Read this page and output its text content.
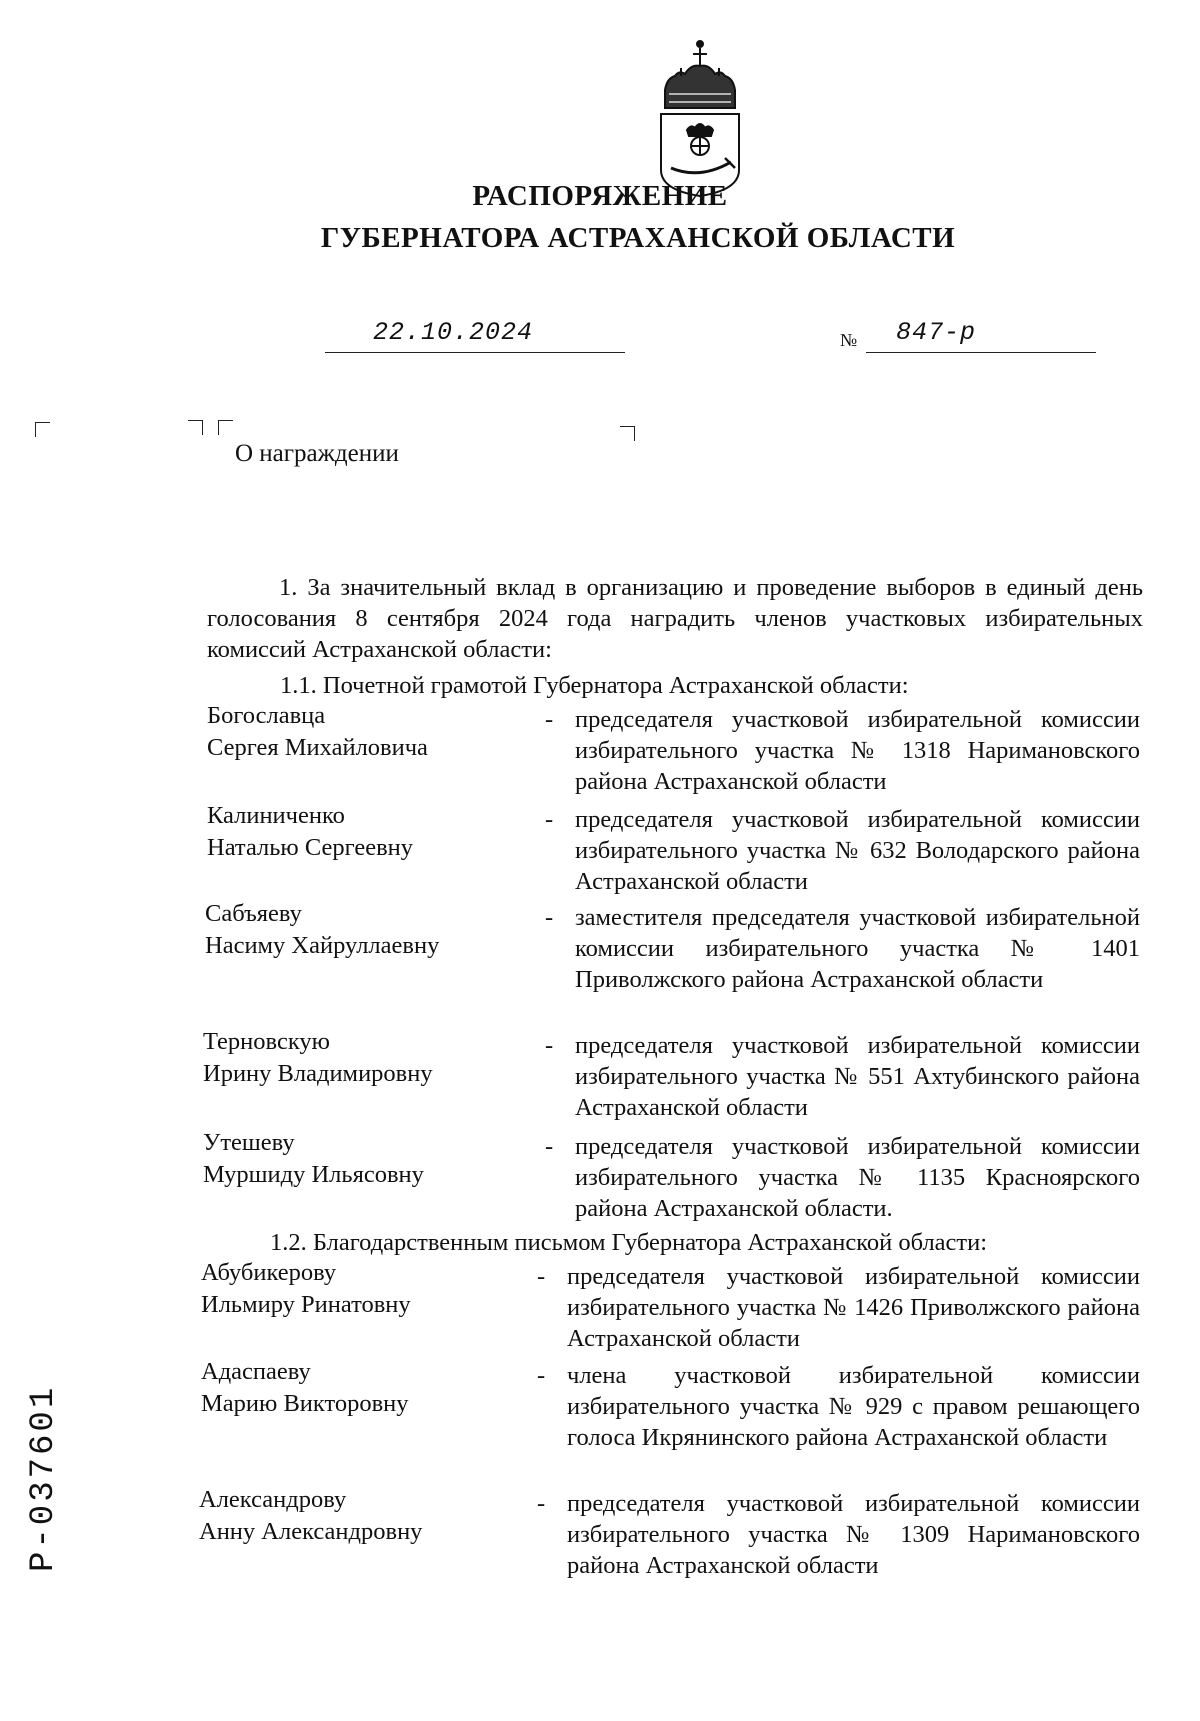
РАСПОРЯЖЕНИЕ
ГУБЕРНАТОРА АСТРАХАНСКОЙ ОБЛАСТИ
22.10.2024	№ 847-р
О награждении
1. За значительный вклад в организацию и проведение выборов в единый день голосования 8 сентября 2024 года наградить членов участковых избирательных комиссий Астраханской области:
1.1. Почетной грамотой Губернатора Астраханской области:
Богославца
Сергея Михайловича
- председателя участковой избирательной комиссии избирательного участка № 1318 Наримановского района Астраханской области
Калиниченко
Наталью Сергеевну
- председателя участковой избирательной комиссии избирательного участка № 632 Володарского района Астраханской области
Сабъяеву
Насиму Хайруллаевну
- заместителя председателя участковой избирательной комиссии избирательного участка № 1401 Приволжского района Астраханской области
Терновскую
Ирину Владимировну
- председателя участковой избирательной комиссии избирательного участка № 551 Ахтубинского района Астраханской области
Утешеву
Муршиду Ильясовну
- председателя участковой избирательной комиссии избирательного участка № 1135 Красноярского района Астраханской области.
1.2. Благодарственным письмом Губернатора Астраханской области:
Абубикерову
Ильмиру Ринатовну
- председателя участковой избирательной комиссии избирательного участка № 1426 Приволжского района Астраханской области
Адаспаеву
Марию Викторовну
- члена участковой избирательной комиссии избирательного участка № 929 с правом решающего голоса Икрянинского района Астраханской области
Александрову
Анну Александровну
- председателя участковой избирательной комиссии избирательного участка № 1309 Наримановского района Астраханской области
Р-037601
